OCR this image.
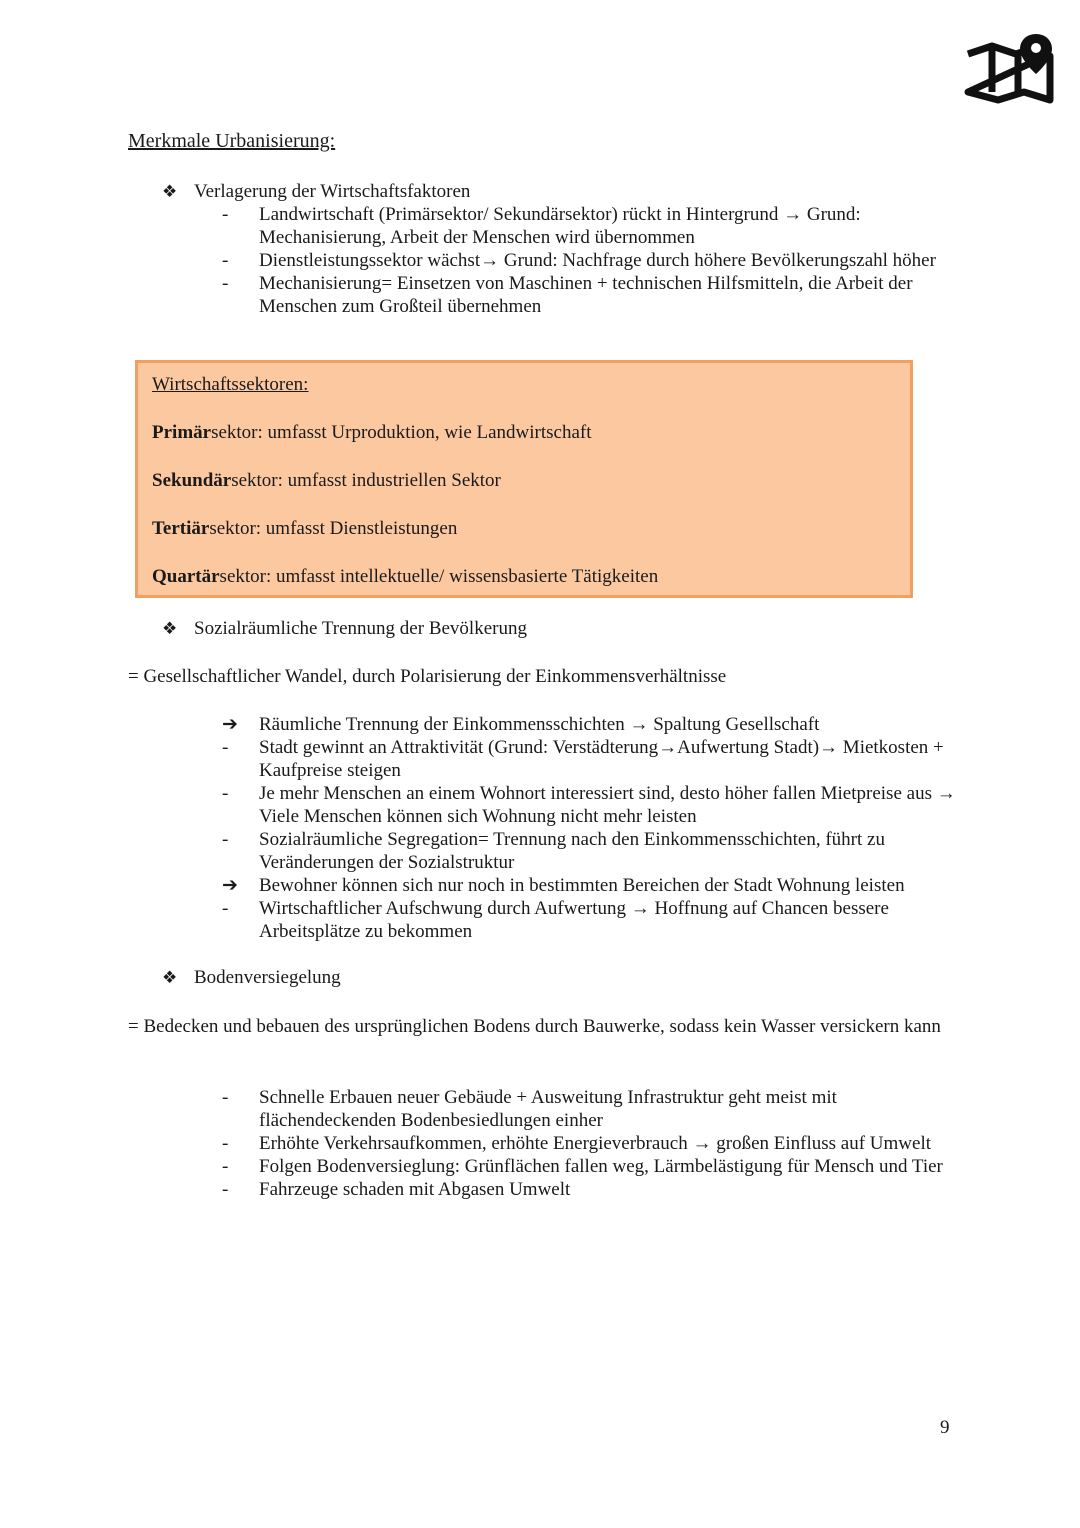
Merkmale Urbanisierung:
❖ Verlagerung der Wirtschaftsfaktoren
-	Landwirtschaft (Primärsektor/ Sekundärsektor) rückt in Hintergrund → Grund: Mechanisierung, Arbeit der Menschen wird übernommen
-	Dienstleistungssektor wächst→ Grund: Nachfrage durch höhere Bevölkerungszahl höher
-	Mechanisierung= Einsetzen von Maschinen + technischen Hilfsmitteln, die Arbeit der Menschen zum Großteil übernehmen
Wirtschaftssektoren:
Primärsektor: umfasst Urproduktion, wie Landwirtschaft
Sekundärsektor: umfasst industriellen Sektor
Tertiärsektor: umfasst Dienstleistungen
Quartärsektor: umfasst intellektuelle/ wissensbasierte Tätigkeiten
❖ Sozialräumliche Trennung der Bevölkerung
= Gesellschaftlicher Wandel, durch Polarisierung der Einkommensverhältnisse
➔	Räumliche Trennung der Einkommensschichten → Spaltung Gesellschaft
-	Stadt gewinnt an Attraktivität (Grund: Verstädterung→Aufwertung Stadt)→ Mietkosten + Kaufpreise steigen
-	Je mehr Menschen an einem Wohnort interessiert sind, desto höher fallen Mietpreise aus → Viele Menschen können sich Wohnung nicht mehr leisten
-	Sozialräumliche Segregation= Trennung nach den Einkommensschichten, führt zu Veränderungen der Sozialstruktur
➔	Bewohner können sich nur noch in bestimmten Bereichen der Stadt Wohnung leisten
-	Wirtschaftlicher Aufschwung durch Aufwertung → Hoffnung auf Chancen bessere Arbeitsplätze zu bekommen
❖ Bodenversiegelung
= Bedecken und bebauen des ursprünglichen Bodens durch Bauwerke, sodass kein Wasser versickern kann
-	Schnelle Erbauen neuer Gebäude + Ausweitung Infrastruktur geht meist mit flächendeckenden Bodenbesiedlungen einher
-	Erhöhte Verkehrsaufkommen, erhöhte Energieverbrauch → großen Einfluss auf Umwelt
-	Folgen Bodenversieglung: Grünflächen fallen weg, Lärmbelästigung für Mensch und Tier
-	Fahrzeuge schaden mit Abgasen Umwelt
9
